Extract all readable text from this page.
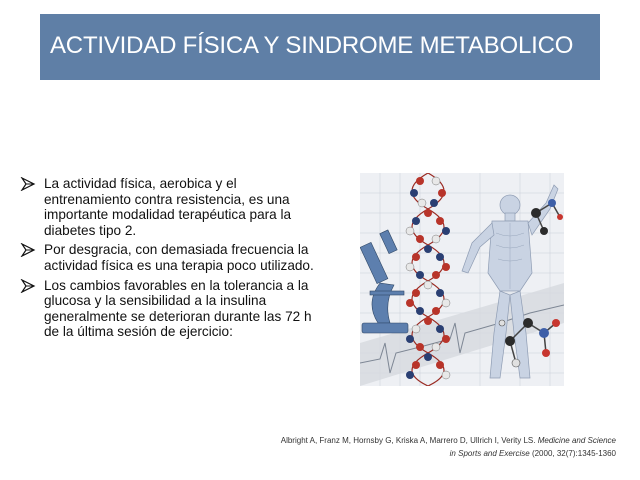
ACTIVIDAD FÍSICA Y SINDROME METABOLICO
La actividad física, aerobica y el entrenamiento contra resistencia, es una importante modalidad terapéutica para la diabetes tipo 2.
Por desgracia, con demasiada frecuencia la actividad física es una terapia poco utilizado.
Los cambios favorables en la tolerancia a la glucosa y la sensibilidad a la insulina generalmente se deterioran durante las 72 h de la última sesión de ejercicio:
Albright A, Franz M, Hornsby G, Kriska A, Marrero D, Ullrich I, Verity LS. Medicine and Science in Sports and Exercise (2000, 32(7):1345-1360
